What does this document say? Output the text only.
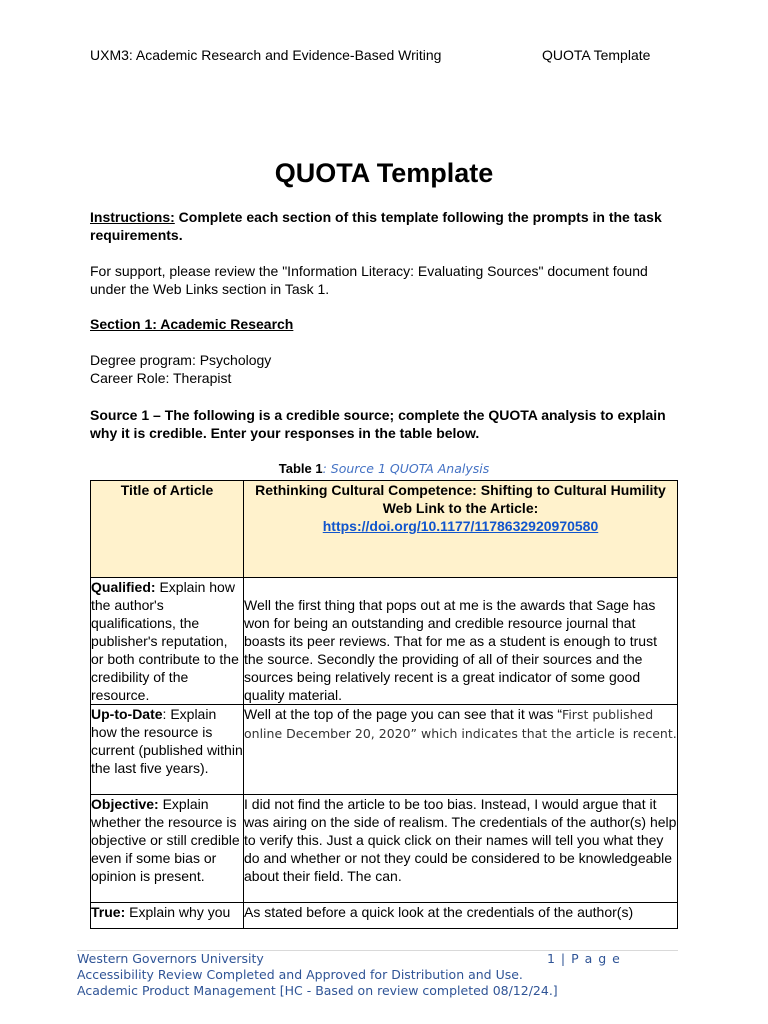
UXM3: Academic Research and Evidence-Based Writing	QUOTA Template
QUOTA Template
Instructions: Complete each section of this template following the prompts in the task requirements.
For support, please review the "Information Literacy: Evaluating Sources" document found under the Web Links section in Task 1.
Section 1: Academic Research
Degree program: Psychology
Career Role: Therapist
Source 1 – The following is a credible source; complete the QUOTA analysis to explain why it is credible. Enter your responses in the table below.
Table 1: Source 1 QUOTA Analysis
Title of Article	Rethinking Cultural Competence: Shifting to Cultural Humility
Web Link to the Article:
https://doi.org/10.1177/1178632920970580

Qualified: Explain how the author's qualifications, the publisher's reputation, or both contribute to the credibility of the resource.	Well the first thing that pops out at me is the awards that Sage has won for being an outstanding and credible resource journal that boasts its peer reviews. That for me as a student is enough to trust the source. Secondly the providing of all of their sources and the sources being relatively recent is a great indicator of some good quality material.
Up-to-Date: Explain how the resource is current (published within the last five years).	Well at the top of the page you can see that it was “First published online December 20, 2020” which indicates that the article is recent.
Objective: Explain whether the resource is objective or still credible even if some bias or opinion is present.	I did not find the article to be too bias. Instead, I would argue that it was airing on the side of realism. The credentials of the author(s) help to verify this. Just a quick click on their names will tell you what they do and whether or not they could be considered to be knowledgeable about their field. The can.
True: Explain why you	As stated before a quick look at the credentials of the author(s)
Western Governors University	1 | P a g e
Accessibility Review Completed and Approved for Distribution and Use.
Academic Product Management [HC - Based on review completed 08/12/24.]
